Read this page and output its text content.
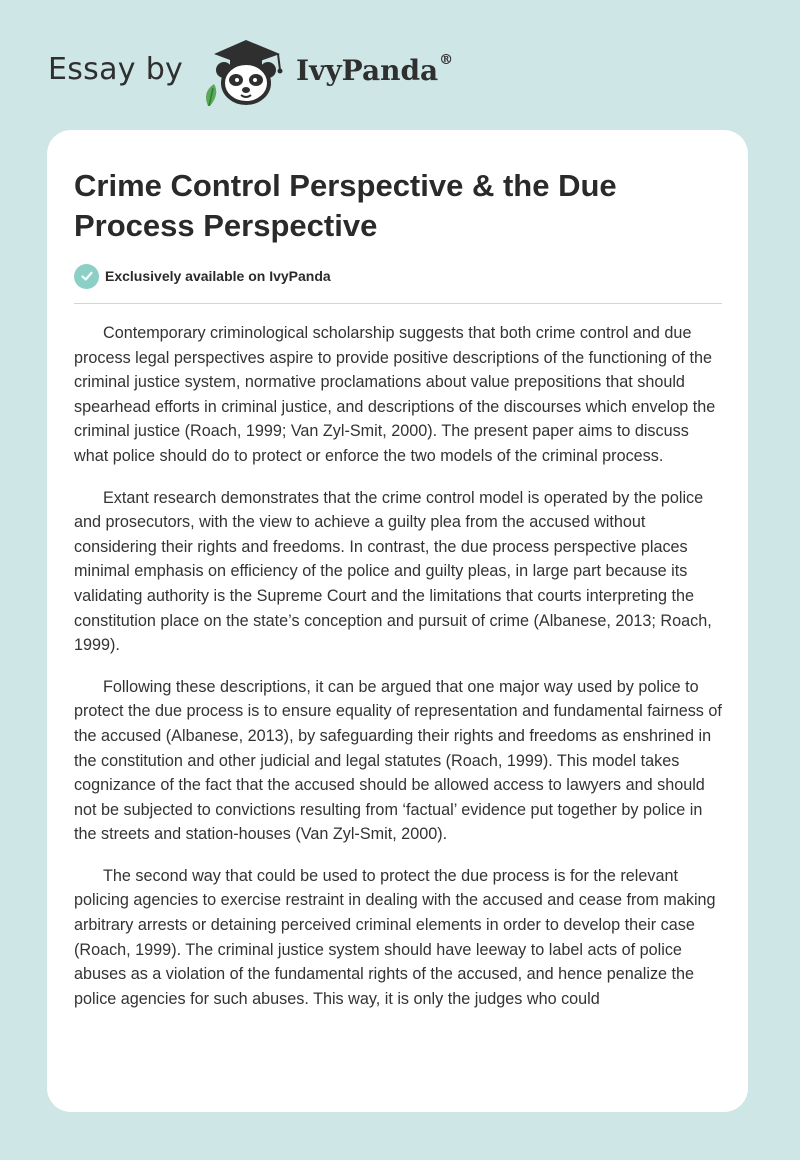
Essay by	IvyPanda®
Crime Control Perspective & the Due Process Perspective
Exclusively available on IvyPanda

Contemporary criminological scholarship suggests that both crime control and due process legal perspectives aspire to provide positive descriptions of the functioning of the criminal justice system, normative proclamations about value prepositions that should spearhead efforts in criminal justice, and descriptions of the discourses which envelop the criminal justice (Roach, 1999; Van Zyl-Smit, 2000). The present paper aims to discuss what police should do to protect or enforce the two models of the criminal process.

Extant research demonstrates that the crime control model is operated by the police and prosecutors, with the view to achieve a guilty plea from the accused without considering their rights and freedoms. In contrast, the due process perspective places minimal emphasis on efficiency of the police and guilty pleas, in large part because its validating authority is the Supreme Court and the limitations that courts interpreting the constitution place on the state’s conception and pursuit of crime (Albanese, 2013; Roach, 1999).

Following these descriptions, it can be argued that one major way used by police to protect the due process is to ensure equality of representation and fundamental fairness of the accused (Albanese, 2013), by safeguarding their rights and freedoms as enshrined in the constitution and other judicial and legal statutes (Roach, 1999). This model takes cognizance of the fact that the accused should be allowed access to lawyers and should not be subjected to convictions resulting from ‘factual’ evidence put together by police in the streets and station-houses (Van Zyl-Smit, 2000).

The second way that could be used to protect the due process is for the relevant policing agencies to exercise restraint in dealing with the accused and cease from making arbitrary arrests or detaining perceived criminal elements in order to develop their case (Roach, 1999). The criminal justice system should have leeway to label acts of police abuses as a violation of the fundamental rights of the accused, and hence penalize the police agencies for such abuses. This way, it is only the judges who could
